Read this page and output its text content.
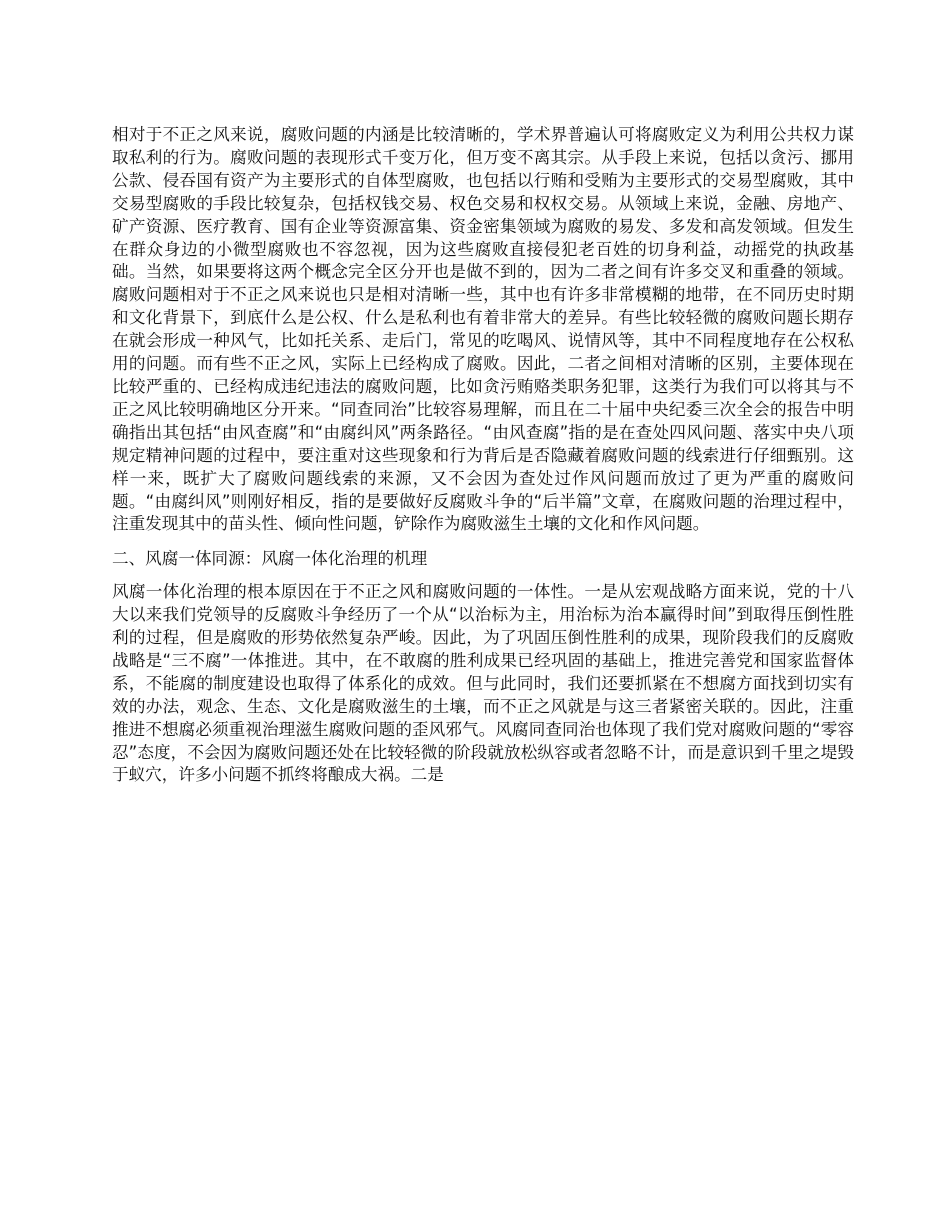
相对于不正之风来说，腐败问题的内涵是比较清晰的，学术界普遍认可将腐败定义为利用公共权力谋取私利的行为。腐败问题的表现形式千变万化，但万变不离其宗。从手段上来说，包括以贪污、挪用公款、侵吞国有资产为主要形式的自体型腐败，也包括以行贿和受贿为主要形式的交易型腐败，其中交易型腐败的手段比较复杂，包括权钱交易、权色交易和权权交易。从领域上来说，金融、房地产、矿产资源、医疗教育、国有企业等资源富集、资金密集领域为腐败的易发、多发和高发领域。但发生在群众身边的小微型腐败也不容忽视，因为这些腐败直接侵犯老百姓的切身利益，动摇党的执政基础。当然，如果要将这两个概念完全区分开也是做不到的，因为二者之间有许多交叉和重叠的领域。腐败问题相对于不正之风来说也只是相对清晰一些，其中也有许多非常模糊的地带，在不同历史时期和文化背景下，到底什么是公权、什么是私利也有着非常大的差异。有些比较轻微的腐败问题长期存在就会形成一种风气，比如托关系、走后门，常见的吃喝风、说情风等，其中不同程度地存在公权私用的问题。而有些不正之风，实际上已经构成了腐败。因此，二者之间相对清晰的区别，主要体现在比较严重的、已经构成违纪违法的腐败问题，比如贪污贿赂类职务犯罪，这类行为我们可以将其与不正之风比较明确地区分开来。“同查同治”比较容易理解，而且在二十届中央纪委三次全会的报告中明确指出其包括“由风查腐”和“由腐纠风”两条路径。“由风查腐”指的是在查处四风问题、落实中央八项规定精神问题的过程中，要注重对这些现象和行为背后是否隐藏着腐败问题的线索进行仔细甄别。这样一来，既扩大了腐败问题线索的来源，又不会因为查处过作风问题而放过了更为严重的腐败问题。“由腐纠风”则刚好相反，指的是要做好反腐败斗争的“后半篇”文章，在腐败问题的治理过程中，注重发现其中的苗头性、倾向性问题，铲除作为腐败滋生土壤的文化和作风问题。

二、风腐一体同源：风腐一体化治理的机理

风腐一体化治理的根本原因在于不正之风和腐败问题的一体性。一是从宏观战略方面来说，党的十八大以来我们党领导的反腐败斗争经历了一个从“以治标为主，用治标为治本赢得时间”到取得压倒性胜利的过程，但是腐败的形势依然复杂严峻。因此，为了巩固压倒性胜利的成果，现阶段我们的反腐败战略是“三不腐”一体推进。其中，在不敢腐的胜利成果已经巩固的基础上，推进完善党和国家监督体系，不能腐的制度建设也取得了体系化的成效。但与此同时，我们还要抓紧在不想腐方面找到切实有效的办法，观念、生态、文化是腐败滋生的土壤，而不正之风就是与这三者紧密关联的。因此，注重推进不想腐必须重视治理滋生腐败问题的歪风邪气。风腐同查同治也体现了我们党对腐败问题的“零容忍”态度，不会因为腐败问题还处在比较轻微的阶段就放松纵容或者忽略不计，而是意识到千里之堤毁于蚁穴，许多小问题不抓终将酿成大祸。二是
